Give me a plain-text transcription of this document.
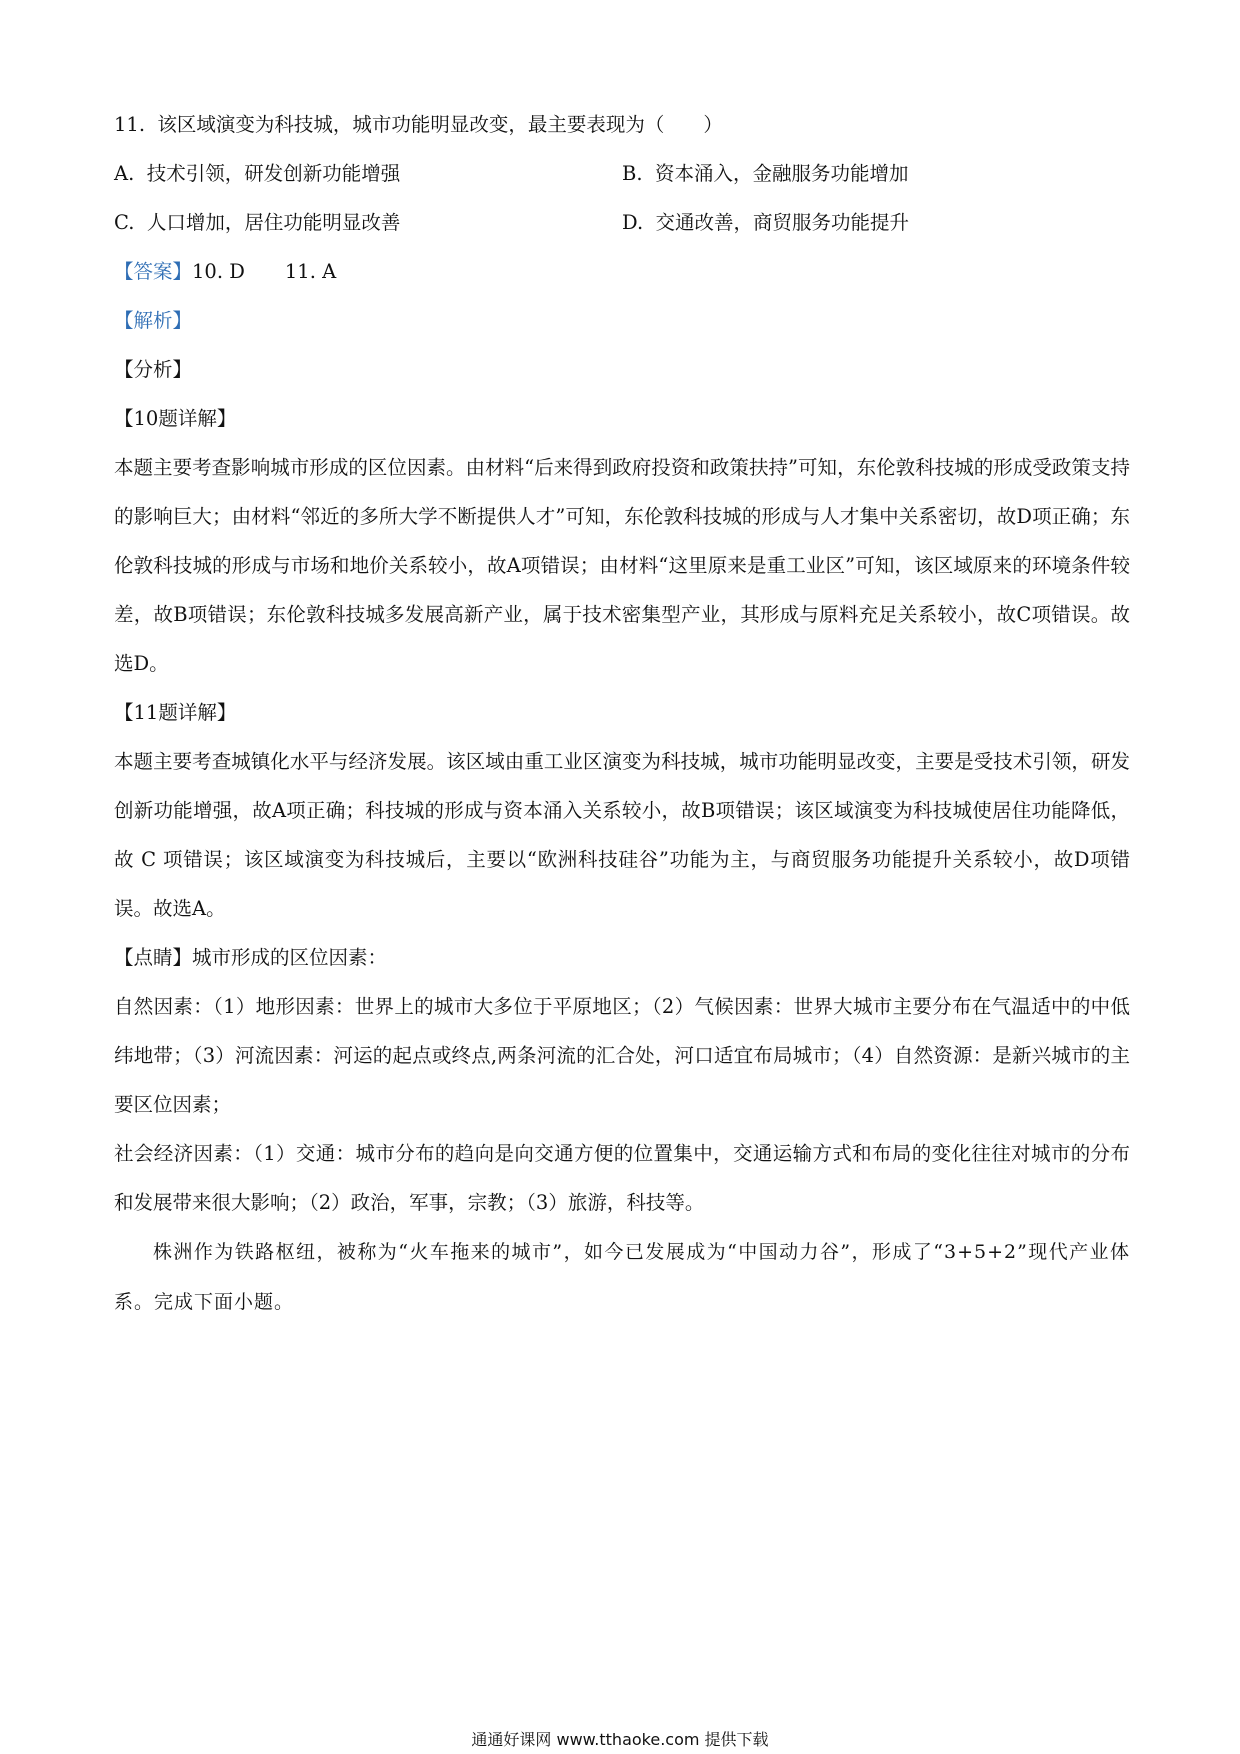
11. 该区域演变为科技城，城市功能明显改变，最主要表现为（　　）
A. 技术引领，研发创新功能增强	B. 资本涌入，金融服务功能增加
C. 人口增加，居住功能明显改善	D. 交通改善，商贸服务功能提升
【答案】10. D 11. A
【解析】
【分析】
【10题详解】

本题主要考查影响城市形成的区位因素。由材料“后来得到政府投资和政策扶持”可知，东伦敦科技城的形成受政策支持的影响巨大；由材料“邻近的多所大学不断提供人才”可知，东伦敦科技城的形成与人才集中关系密切，故D项正确；东伦敦科技城的形成与市场和地价关系较小，故A项错误；由材料“这里原来是重工业区”可知，该区域原来的环境条件较差，故B项错误；东伦敦科技城多发展高新产业，属于技术密集型产业，其形成与原料充足关系较小，故C项错误。故选D。

【11题详解】

本题主要考查城镇化水平与经济发展。该区域由重工业区演变为科技城，城市功能明显改变，主要是受技术引领，研发创新功能增强，故A项正确；科技城的形成与资本涌入关系较小，故B项错误；该区域演变为科技城使居住功能降低，故 C 项错误；该区域演变为科技城后，主要以“欧洲科技硅谷”功能为主，与商贸服务功能提升关系较小，故D项错误。故选A。

【点睛】城市形成的区位因素：

自然因素：（1）地形因素：世界上的城市大多位于平原地区；（2）气候因素：世界大城市主要分布在气温适中的中低纬地带；（3）河流因素：河运的起点或终点,两条河流的汇合处，河口适宜布局城市；（4）自然资源：是新兴城市的主要区位因素；

社会经济因素：（1）交通：城市分布的趋向是向交通方便的位置集中，交通运输方式和布局的变化往往对城市的分布和发展带来很大影响；（2）政治，军事，宗教；（3）旅游，科技等。

株洲作为铁路枢纽，被称为“火车拖来的城市”，如今已发展成为“中国动力谷”，形成了“3+5+2”现代产业体系。完成下面小题。

通通好课网 www.tthaoke.com 提供下载
